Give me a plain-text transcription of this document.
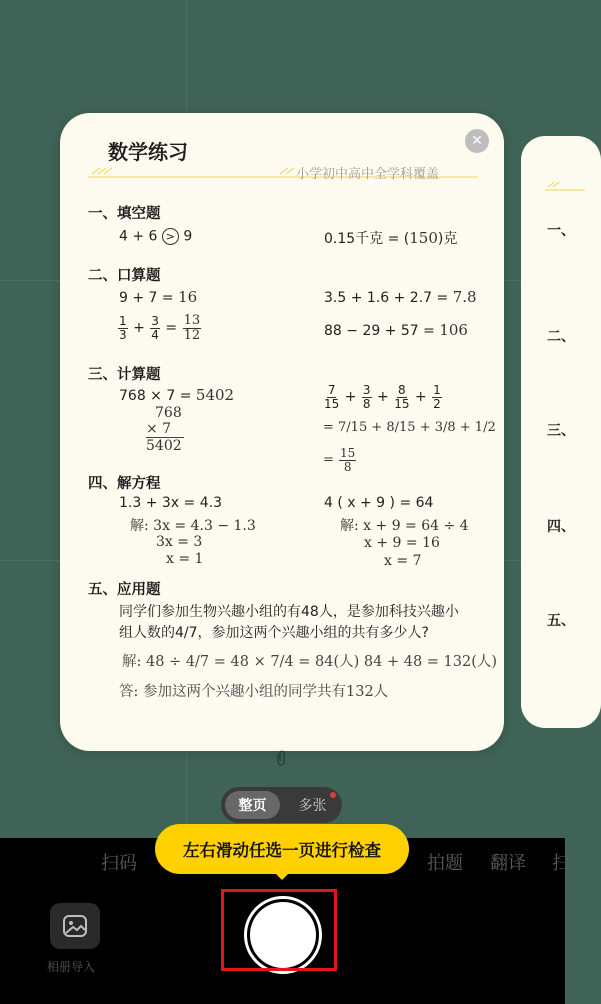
一、
二、
三、
四、
五、
✕
数学练习
小学初中高中全学科覆盖
一、填空题
4 + 6 > 9	0.15千克 = (150)克
二、口算题
9 + 7 = 16	3.5 + 1.6 + 2.7 = 7.8
$\frac{1}{3} + \frac{3}{4} = \frac{13}{12}$	88 − 29 + 57 = 106
三、计算题
768 × 7 = 5402
768
× 7
5402
$\frac{7}{15} + \frac{3}{8} + \frac{8}{15} + \frac{1}{2}$
= 7/15 + 8/15 + 3/8 + 1/2
= $\frac{15}{8}$
四、解方程
1.3 + 3x = 4.3
解: 3x = 4.3 − 1.3
3x = 3
x = 1
4 ( x + 9 ) = 64
解: x + 9 = 64 ÷ 4
x + 9 = 16
x = 7
五、应用题
同学们参加生物兴趣小组的有48人，是参加科技兴趣小组人数的4/7，参加这两个兴趣小组的共有多少人?
解: 48 ÷ 4/7 = 48 × 7/4 = 84(人) 84 + 48 = 132(人)
答: 参加这两个兴趣小组的同学共有132人
整页	多张
扫码	拍题 翻译 扫
左右滑动任选一页进行检查
相册导入
